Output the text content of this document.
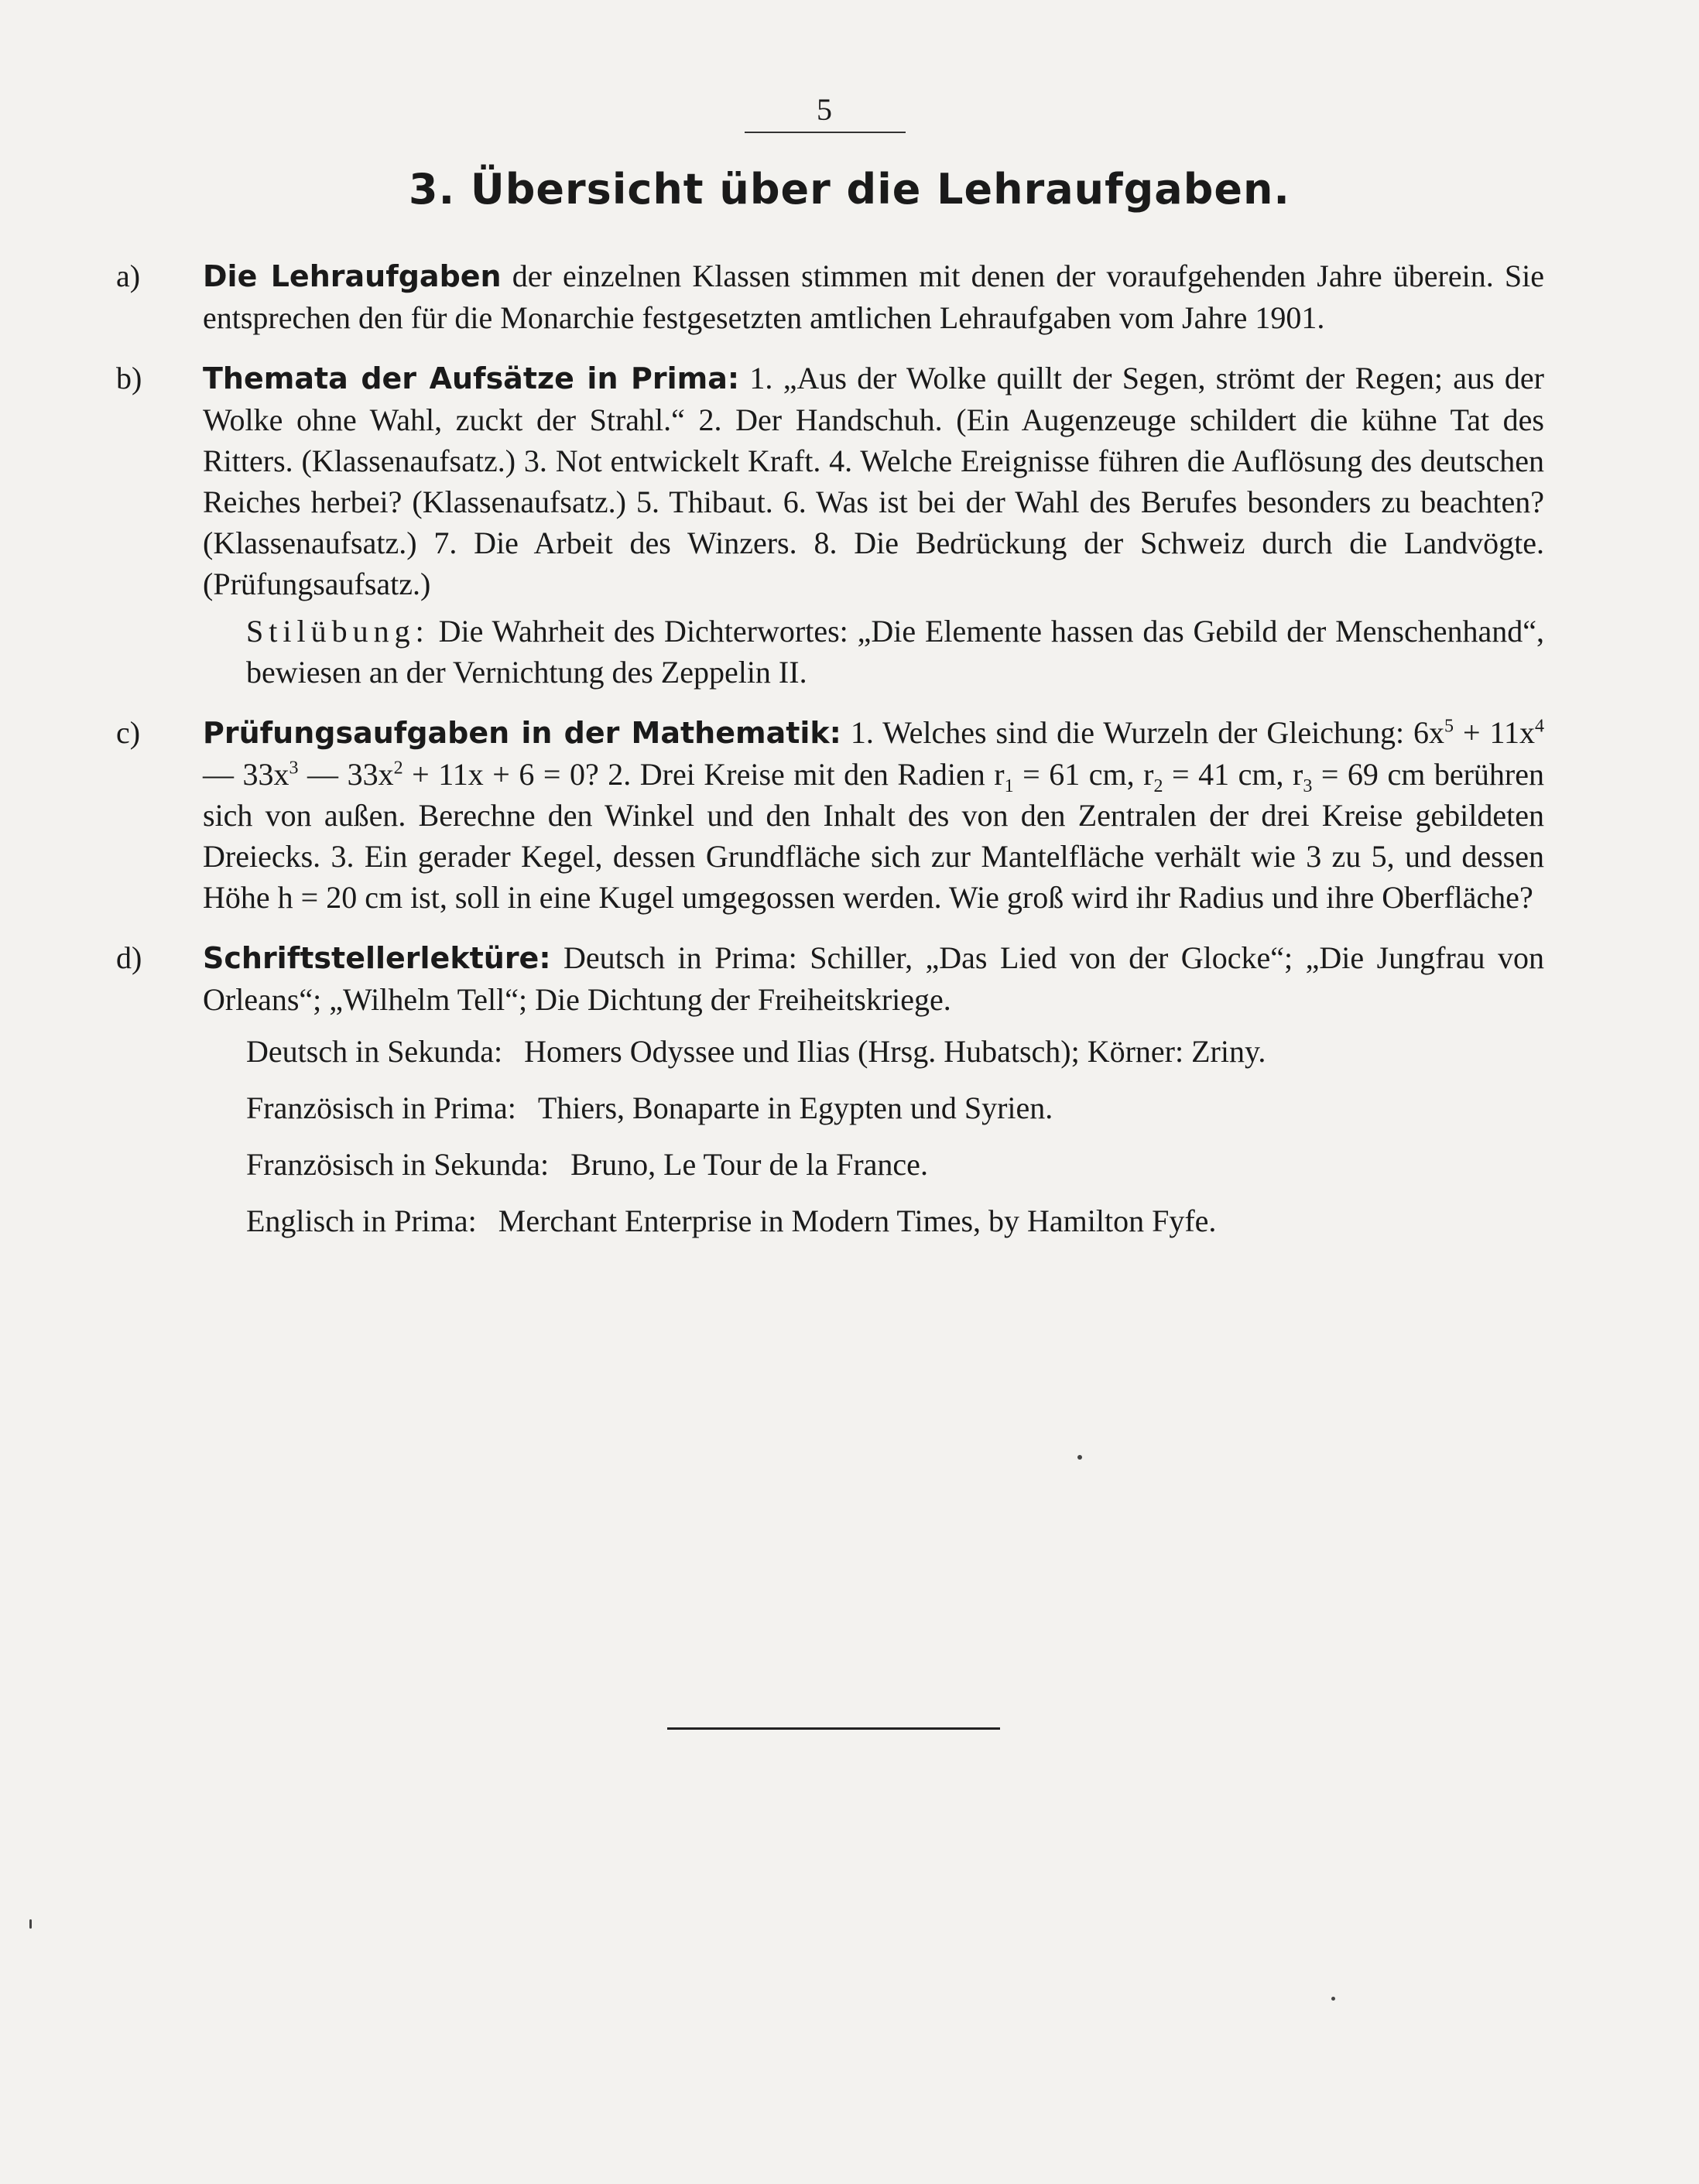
5
3. Übersicht über die Lehraufgaben.
a) Die Lehraufgaben der einzelnen Klassen stimmen mit denen der voraufgehenden Jahre überein. Sie entsprechen den für die Monarchie festgesetzten amtlichen Lehraufgaben vom Jahre 1901.
b) Themata der Aufsätze in Prima: 1. „Aus der Wolke quillt der Segen, strömt der Regen; aus der Wolke ohne Wahl, zuckt der Strahl.“ 2. Der Handschuh. (Ein Augenzeuge schildert die kühne Tat des Ritters. (Klassenaufsatz.) 3. Not entwickelt Kraft. 4. Welche Ereignisse führen die Auflösung des deutschen Reiches herbei? (Klassenaufsatz.) 5. Thibaut. 6. Was ist bei der Wahl des Berufes besonders zu beachten? (Klassenaufsatz.) 7. Die Arbeit des Winzers. 8. Die Bedrückung der Schweiz durch die Landvögte. (Prüfungsaufsatz.)
Stilübung: Die Wahrheit des Dichterwortes: „Die Elemente hassen das Gebild der Menschenhand“, bewiesen an der Vernichtung des Zeppelin II.
c) Prüfungsaufgaben in der Mathematik: 1. Welches sind die Wurzeln der Gleichung: $6x^5 + 11x^4$ — $33x^3$ — $33x^2 + 11x + 6 = 0$? 2. Drei Kreise mit den Radien $r_1 = 61$ cm, $r_2 = 41$ cm, $r_3 = 69$ cm berühren sich von außen. Berechne den Winkel und den Inhalt des von den Zentralen der drei Kreise gebildeten Dreiecks. 3. Ein gerader Kegel, dessen Grundfläche sich zur Mantelfläche verhält wie 3 zu 5, und dessen Höhe h = 20 cm ist, soll in eine Kugel umgegossen werden. Wie groß wird ihr Radius und ihre Oberfläche?
d) Schriftstellerlektüre: Deutsch in Prima: Schiller, „Das Lied von der Glocke“; „Die Jungfrau von Orleans“; „Wilhelm Tell“; Die Dichtung der Freiheitskriege.
Deutsch in Sekunda: Homers Odyssee und Ilias (Hrsg. Hubatsch); Körner: Zriny.
Französisch in Prima: Thiers, Bonaparte in Egypten und Syrien.
Französisch in Sekunda: Bruno, Le Tour de la France.
Englisch in Prima: Merchant Enterprise in Modern Times, by Hamilton Fyfe.
